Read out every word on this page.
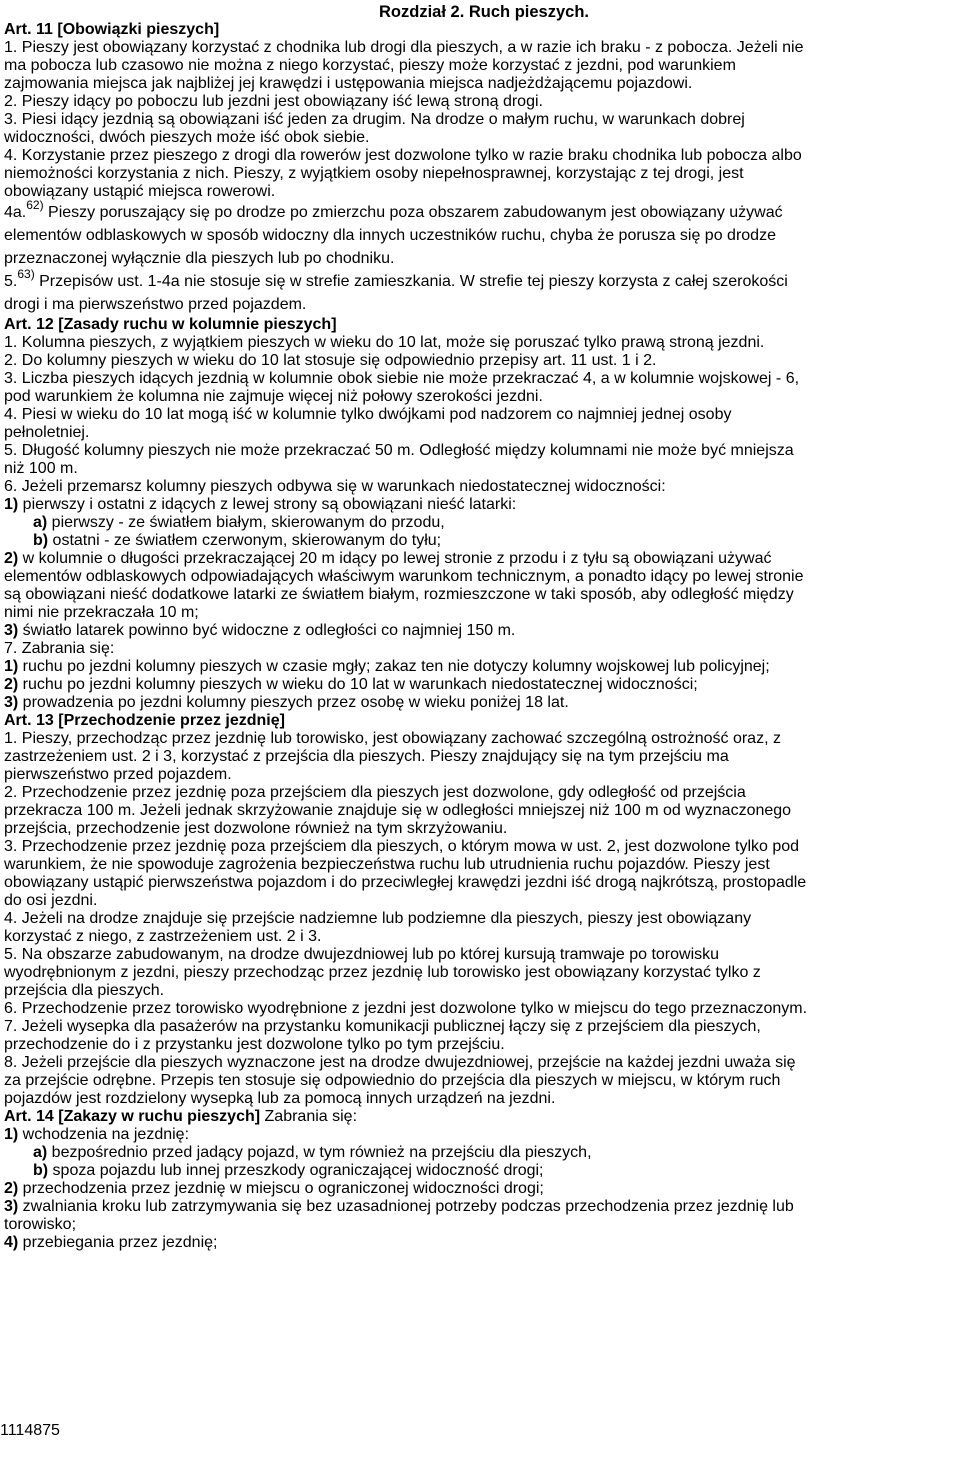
Rozdział 2. Ruch pieszych.
Art. 11 [Obowiązki pieszych]
1. Pieszy jest obowiązany korzystać z chodnika lub drogi dla pieszych, a w razie ich braku - z pobocza. Jeżeli nie
ma pobocza lub czasowo nie można z niego korzystać, pieszy może korzystać z jezdni, pod warunkiem
zajmowania miejsca jak najbliżej jej krawędzi i ustępowania miejsca nadjeżdżającemu pojazdowi.
2. Pieszy idący po poboczu lub jezdni jest obowiązany iść lewą stroną drogi.
3. Piesi idący jezdnią są obowiązani iść jeden za drugim. Na drodze o małym ruchu, w warunkach dobrej
widoczności, dwóch pieszych może iść obok siebie.
4. Korzystanie przez pieszego z drogi dla rowerów jest dozwolone tylko w razie braku chodnika lub pobocza albo
niemożności korzystania z nich. Pieszy, z wyjątkiem osoby niepełnosprawnej, korzystając z tej drogi, jest
obowiązany ustąpić miejsca rowerowi.
4a.$^{62)}$ Pieszy poruszający się po drodze po zmierzchu poza obszarem zabudowanym jest obowiązany używać
elementów odblaskowych w sposób widoczny dla innych uczestników ruchu, chyba że porusza się po drodze
przeznaczonej wyłącznie dla pieszych lub po chodniku.
5.$^{63)}$ Przepisów ust. 1-4a nie stosuje się w strefie zamieszkania. W strefie tej pieszy korzysta z całej szerokości
drogi i ma pierwszeństwo przed pojazdem.
Art. 12 [Zasady ruchu w kolumnie pieszych]
1. Kolumna pieszych, z wyjątkiem pieszych w wieku do 10 lat, może się poruszać tylko prawą stroną jezdni.
2. Do kolumny pieszych w wieku do 10 lat stosuje się odpowiednio przepisy art. 11 ust. 1 i 2.
3. Liczba pieszych idących jezdnią w kolumnie obok siebie nie może przekraczać 4, a w kolumnie wojskowej - 6,
pod warunkiem że kolumna nie zajmuje więcej niż połowy szerokości jezdni.
4. Piesi w wieku do 10 lat mogą iść w kolumnie tylko dwójkami pod nadzorem co najmniej jednej osoby
pełnoletniej.
5. Długość kolumny pieszych nie może przekraczać 50 m. Odległość między kolumnami nie może być mniejsza
niż 100 m.
6. Jeżeli przemarsz kolumny pieszych odbywa się w warunkach niedostatecznej widoczności:
1) pierwszy i ostatni z idących z lewej strony są obowiązani nieść latarki:
a) pierwszy - ze światłem białym, skierowanym do przodu,
b) ostatni - ze światłem czerwonym, skierowanym do tyłu;
2) w kolumnie o długości przekraczającej 20 m idący po lewej stronie z przodu i z tyłu są obowiązani używać
elementów odblaskowych odpowiadających właściwym warunkom technicznym, a ponadto idący po lewej stronie
są obowiązani nieść dodatkowe latarki ze światłem białym, rozmieszczone w taki sposób, aby odległość między
nimi nie przekraczała 10 m;
3) światło latarek powinno być widoczne z odległości co najmniej 150 m.
7. Zabrania się:
1) ruchu po jezdni kolumny pieszych w czasie mgły; zakaz ten nie dotyczy kolumny wojskowej lub policyjnej;
2) ruchu po jezdni kolumny pieszych w wieku do 10 lat w warunkach niedostatecznej widoczności;
3) prowadzenia po jezdni kolumny pieszych przez osobę w wieku poniżej 18 lat.
Art. 13 [Przechodzenie przez jezdnię]
1. Pieszy, przechodząc przez jezdnię lub torowisko, jest obowiązany zachować szczególną ostrożność oraz, z
zastrzeżeniem ust. 2 i 3, korzystać z przejścia dla pieszych. Pieszy znajdujący się na tym przejściu ma
pierwszeństwo przed pojazdem.
2. Przechodzenie przez jezdnię poza przejściem dla pieszych jest dozwolone, gdy odległość od przejścia
przekracza 100 m. Jeżeli jednak skrzyżowanie znajduje się w odległości mniejszej niż 100 m od wyznaczonego
przejścia, przechodzenie jest dozwolone również na tym skrzyżowaniu.
3. Przechodzenie przez jezdnię poza przejściem dla pieszych, o którym mowa w ust. 2, jest dozwolone tylko pod
warunkiem, że nie spowoduje zagrożenia bezpieczeństwa ruchu lub utrudnienia ruchu pojazdów. Pieszy jest
obowiązany ustąpić pierwszeństwa pojazdom i do przeciwległej krawędzi jezdni iść drogą najkrótszą, prostopadle
do osi jezdni.
4. Jeżeli na drodze znajduje się przejście nadziemne lub podziemne dla pieszych, pieszy jest obowiązany
korzystać z niego, z zastrzeżeniem ust. 2 i 3.
5. Na obszarze zabudowanym, na drodze dwujezdniowej lub po której kursują tramwaje po torowisku
wyodrębnionym z jezdni, pieszy przechodząc przez jezdnię lub torowisko jest obowiązany korzystać tylko z
przejścia dla pieszych.
6. Przechodzenie przez torowisko wyodrębnione z jezdni jest dozwolone tylko w miejscu do tego przeznaczonym.
7. Jeżeli wysepka dla pasażerów na przystanku komunikacji publicznej łączy się z przejściem dla pieszych,
przechodzenie do i z przystanku jest dozwolone tylko po tym przejściu.
8. Jeżeli przejście dla pieszych wyznaczone jest na drodze dwujezdniowej, przejście na każdej jezdni uważa się
za przejście odrębne. Przepis ten stosuje się odpowiednio do przejścia dla pieszych w miejscu, w którym ruch
pojazdów jest rozdzielony wysepką lub za pomocą innych urządzeń na jezdni.
Art. 14 [Zakazy w ruchu pieszych] Zabrania się:
1) wchodzenia na jezdnię:
a) bezpośrednio przed jadący pojazd, w tym również na przejściu dla pieszych,
b) spoza pojazdu lub innej przeszkody ograniczającej widoczność drogi;
2) przechodzenia przez jezdnię w miejscu o ograniczonej widoczności drogi;
3) zwalniania kroku lub zatrzymywania się bez uzasadnionej potrzeby podczas przechodzenia przez jezdnię lub
torowisko;
4) przebiegania przez jezdnię;
1114875
